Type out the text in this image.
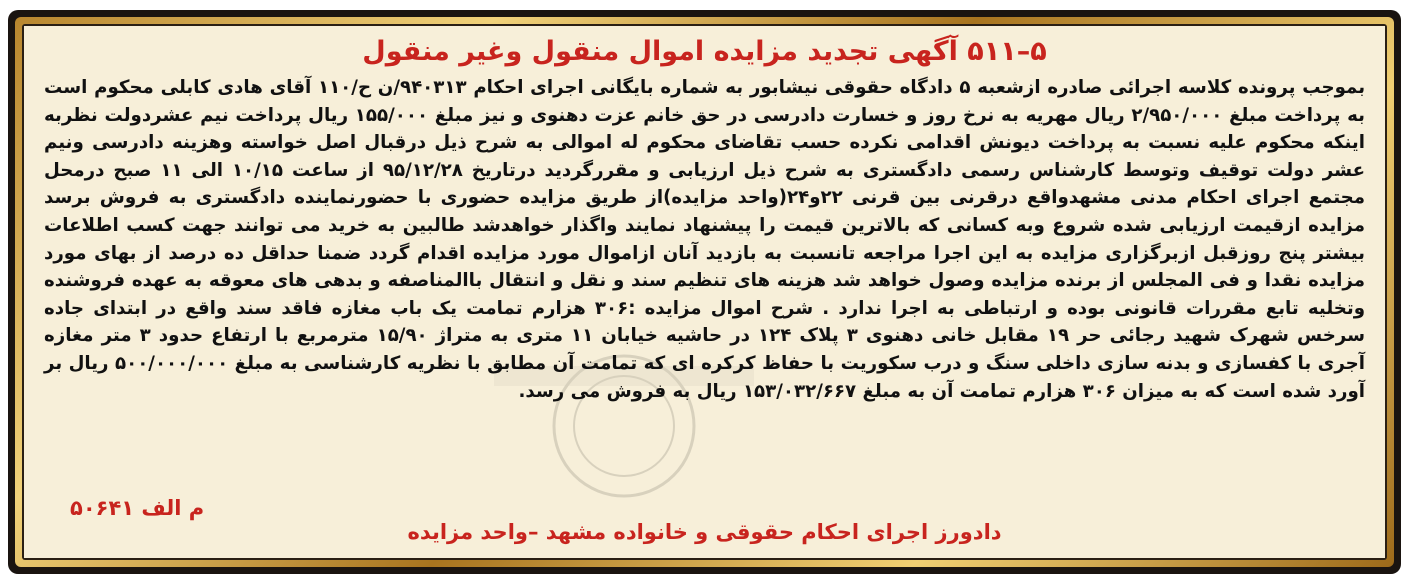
۵–۵۱۱ آگهی تجدید مزایده اموال منقول وغیر منقول

بموجب پرونده کلاسه اجرائی صادره ازشعبه ۵ دادگاه حقوقی نیشابور به شماره بایگانی اجرای احکام ۹۴۰۳۱۳/ن ح/۱۱۰ آقای هادی کابلی محکوم است به پرداخت مبلغ ۲/۹۵۰/۰۰۰ ریال مهریه به نرخ روز و خسارت دادرسی در حق خانم عزت دهنوی و نیز مبلغ ۱۵۵/۰۰۰ ریال پرداخت نیم عشردولت نظربه اینکه محکوم علیه نسبت به پرداخت دیونش اقدامی نکرده حسب تقاضای محکوم له اموالی به شرح ذیل درقبال اصل خواسته وهزینه دادرسی ونیم عشر دولت توقیف وتوسط کارشناس رسمی دادگستری به شرح ذیل ارزیابی و مقررگردید درتاریخ ۹۵/۱۲/۲۸ از ساعت ۱۰/۱۵ الی ۱۱ صبح درمحل مجتمع اجرای احکام مدنی مشهدواقع درقرنی بین قرنی ۲۲و۲۴(واحد مزایده)از طریق مزایده حضوری با حضورنماینده دادگستری به فروش برسد مزایده ازقیمت ارزیابی شده شروع وبه کسانی که بالاترین قیمت را پیشنهاد نمایند واگذار خواهدشد طالبین به خرید می توانند جهت کسب اطلاعات بیشتر پنج روزقبل ازبرگزاری مزایده به این اجرا مراجعه تانسبت به بازدید آنان ازاموال مورد مزایده اقدام گردد ضمنا حداقل ده درصد از بهای مورد مزایده نقدا و فی المجلس از برنده مزایده وصول خواهد شد هزینه های تنظیم سند و نقل و انتقال باالمناصفه و بدهی های معوقه به عهده فروشنده وتخلیه تابع مقررات قانونی بوده و ارتباطی به اجرا ندارد . شرح اموال مزایده :۳۰۶ هزارم تمامت یک باب مغازه فاقد سند واقع در ابتدای جاده سرخس شهرک شهید رجائی حر ۱۹ مقابل خانی دهنوی ۳ پلاک ۱۲۴ در حاشیه خیابان ۱۱ متری به متراژ ۱۵/۹۰ مترمربع با ارتفاع حدود ۳ متر مغازه آجری با کفسازی و بدنه سازی داخلی سنگ و درب سکوریت با حفاظ کرکره ای که تمامت آن مطابق با نظریه کارشناسی به مبلغ ۵۰۰/۰۰۰/۰۰۰ ریال بر آورد شده است که به میزان ۳۰۶ هزارم تمامت آن به مبلغ ۱۵۳/۰۳۲/۶۶۷ ریال به فروش می رسد.

م الف ۵۰۶۴۱
دادورز اجرای احکام حقوقی و خانواده مشهد –واحد مزایده
